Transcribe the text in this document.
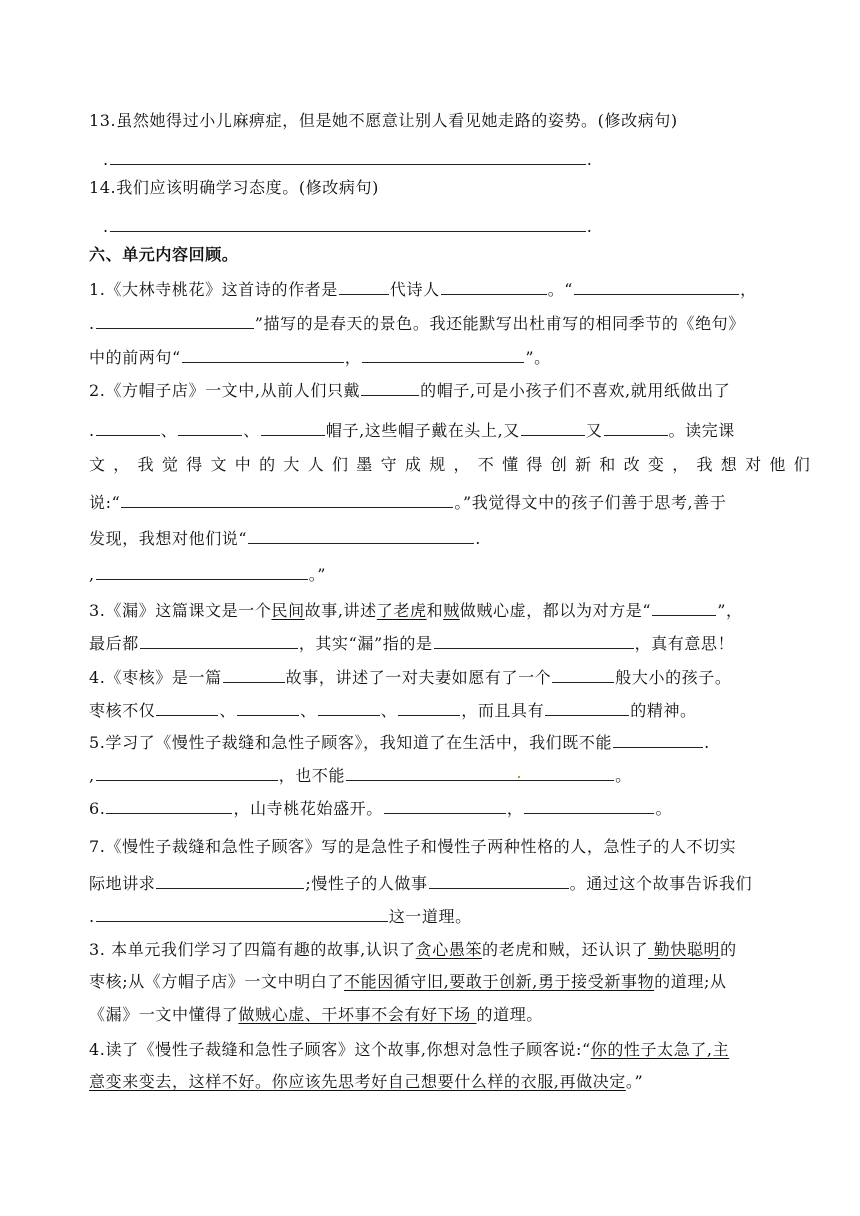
13.虽然她得过小儿麻痹症，但是她不愿意让别人看见她走路的姿势。(修改病句)
.	.
14.我们应该明确学习态度。(修改病句)
.	.
六、单元内容回顾。
1.《大林寺桃花》这首诗的作者是	代诗人	。“	，
.	”描写的是春天的景色。我还能默写出杜甫写的相同季节的《绝句》
中的前两句“	，	”。
2.《方帽子店》一文中,从前人们只戴	的帽子,可是小孩子们不喜欢,就用纸做出了
.	、	、	帽子,这些帽子戴在头上,又	又	。读完课
文，我觉得文中的大人们墨守成规，不懂得创新和改变，我想对他们
说:“	。”我觉得文中的孩子们善于思考,善于
发现，我想对他们说“	.
,	。”
3.《漏》这篇课文是一个民间故事,讲述了老虎和贼做贼心虚，都以为对方是“	”，
最后都	，其实“漏”指的是	，真有意思！
4.《枣核》是一篇	故事，讲述了一对夫妻如愿有了一个	般大小的孩子。
枣核不仅	、	、	、	，而且具有	的精神。
5.学习了《慢性子裁缝和急性子顾客》，我知道了在生活中，我们既不能	.
,	，也不能	。
6.	，山寺桃花始盛开。	，	。
7.《慢性子裁缝和急性子顾客》写的是急性子和慢性子两种性格的人，急性子的人不切实
际地讲求	;慢性子的人做事	。通过这个故事告诉我们
.	这一道理。
3. 本单元我们学习了四篇有趣的故事,认识了贪心愚笨的老虎和贼，还认识了 勤快聪明的
枣核;从《方帽子店》一文中明白了不能因循守旧,要敢于创新,勇于接受新事物的道理;从
《漏》一文中懂得了做贼心虚、干坏事不会有好下场 的道理。
4.读了《慢性子裁缝和急性子顾客》这个故事,你想对急性子顾客说:“你的性子太急了,主
意变来变去，这样不好。你应该先思考好自己想要什么样的衣服,再做决定。”
